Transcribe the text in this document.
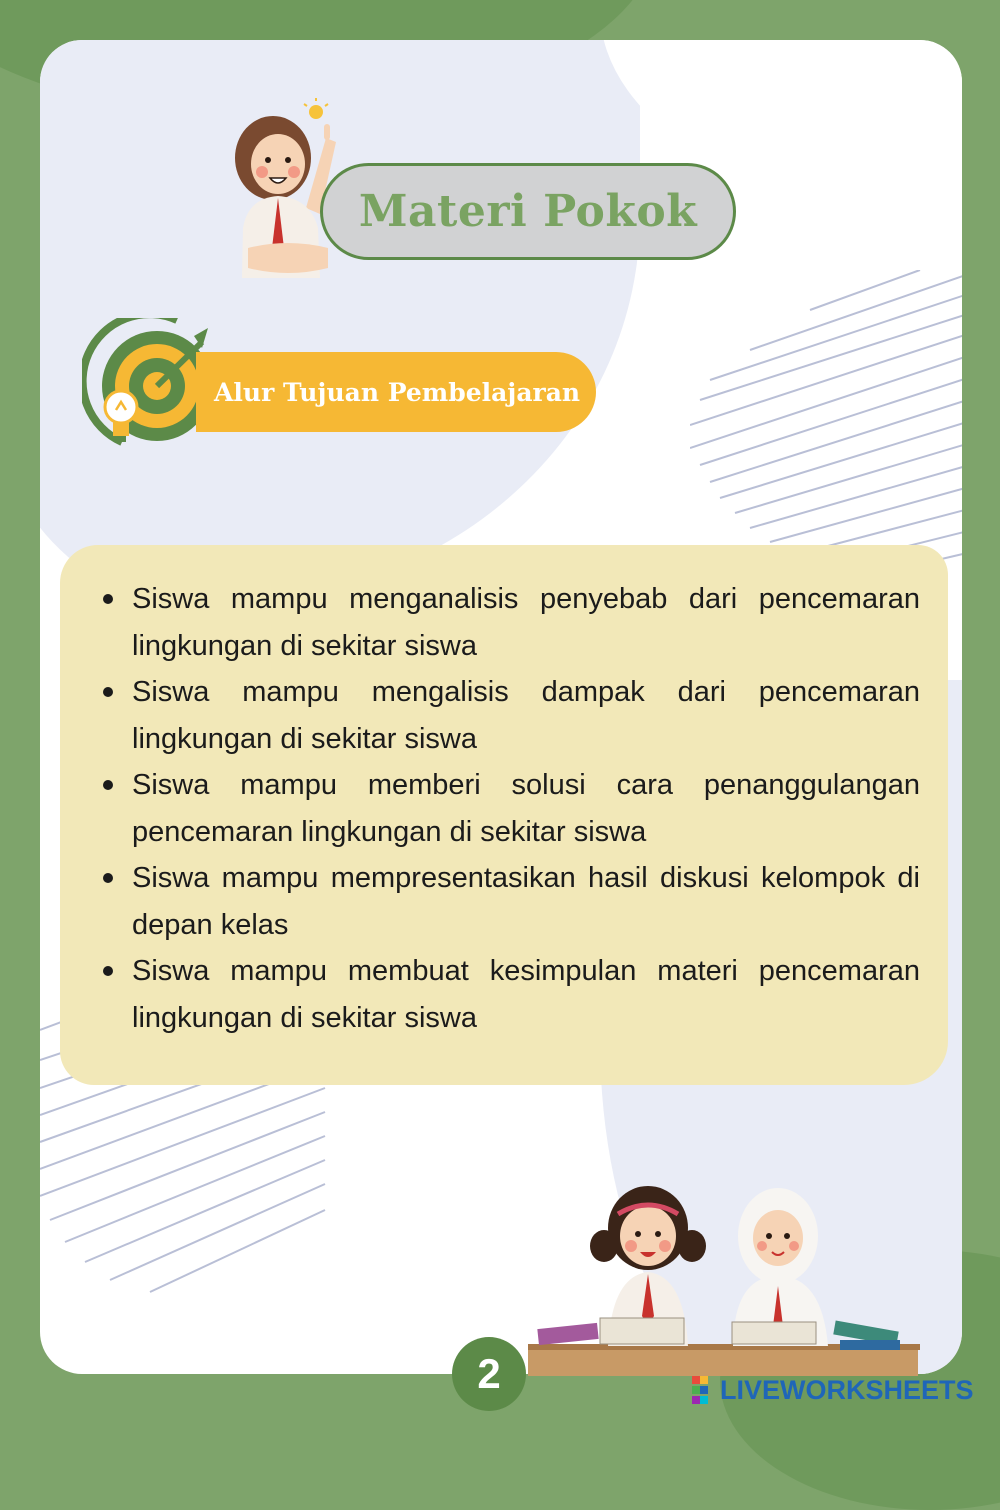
Materi Pokok
Alur Tujuan Pembelajaran
Siswa mampu menganalisis penyebab dari pencemaran lingkungan di sekitar siswa
Siswa mampu mengalisis dampak dari pencemaran lingkungan di sekitar siswa
Siswa mampu memberi solusi cara penanggulangan pencemaran lingkungan di sekitar siswa
Siswa mampu mempresentasikan hasil diskusi kelompok di depan kelas
Siswa mampu membuat kesimpulan materi pencemaran lingkungan di sekitar siswa
2	LIVEWORKSHEETS
